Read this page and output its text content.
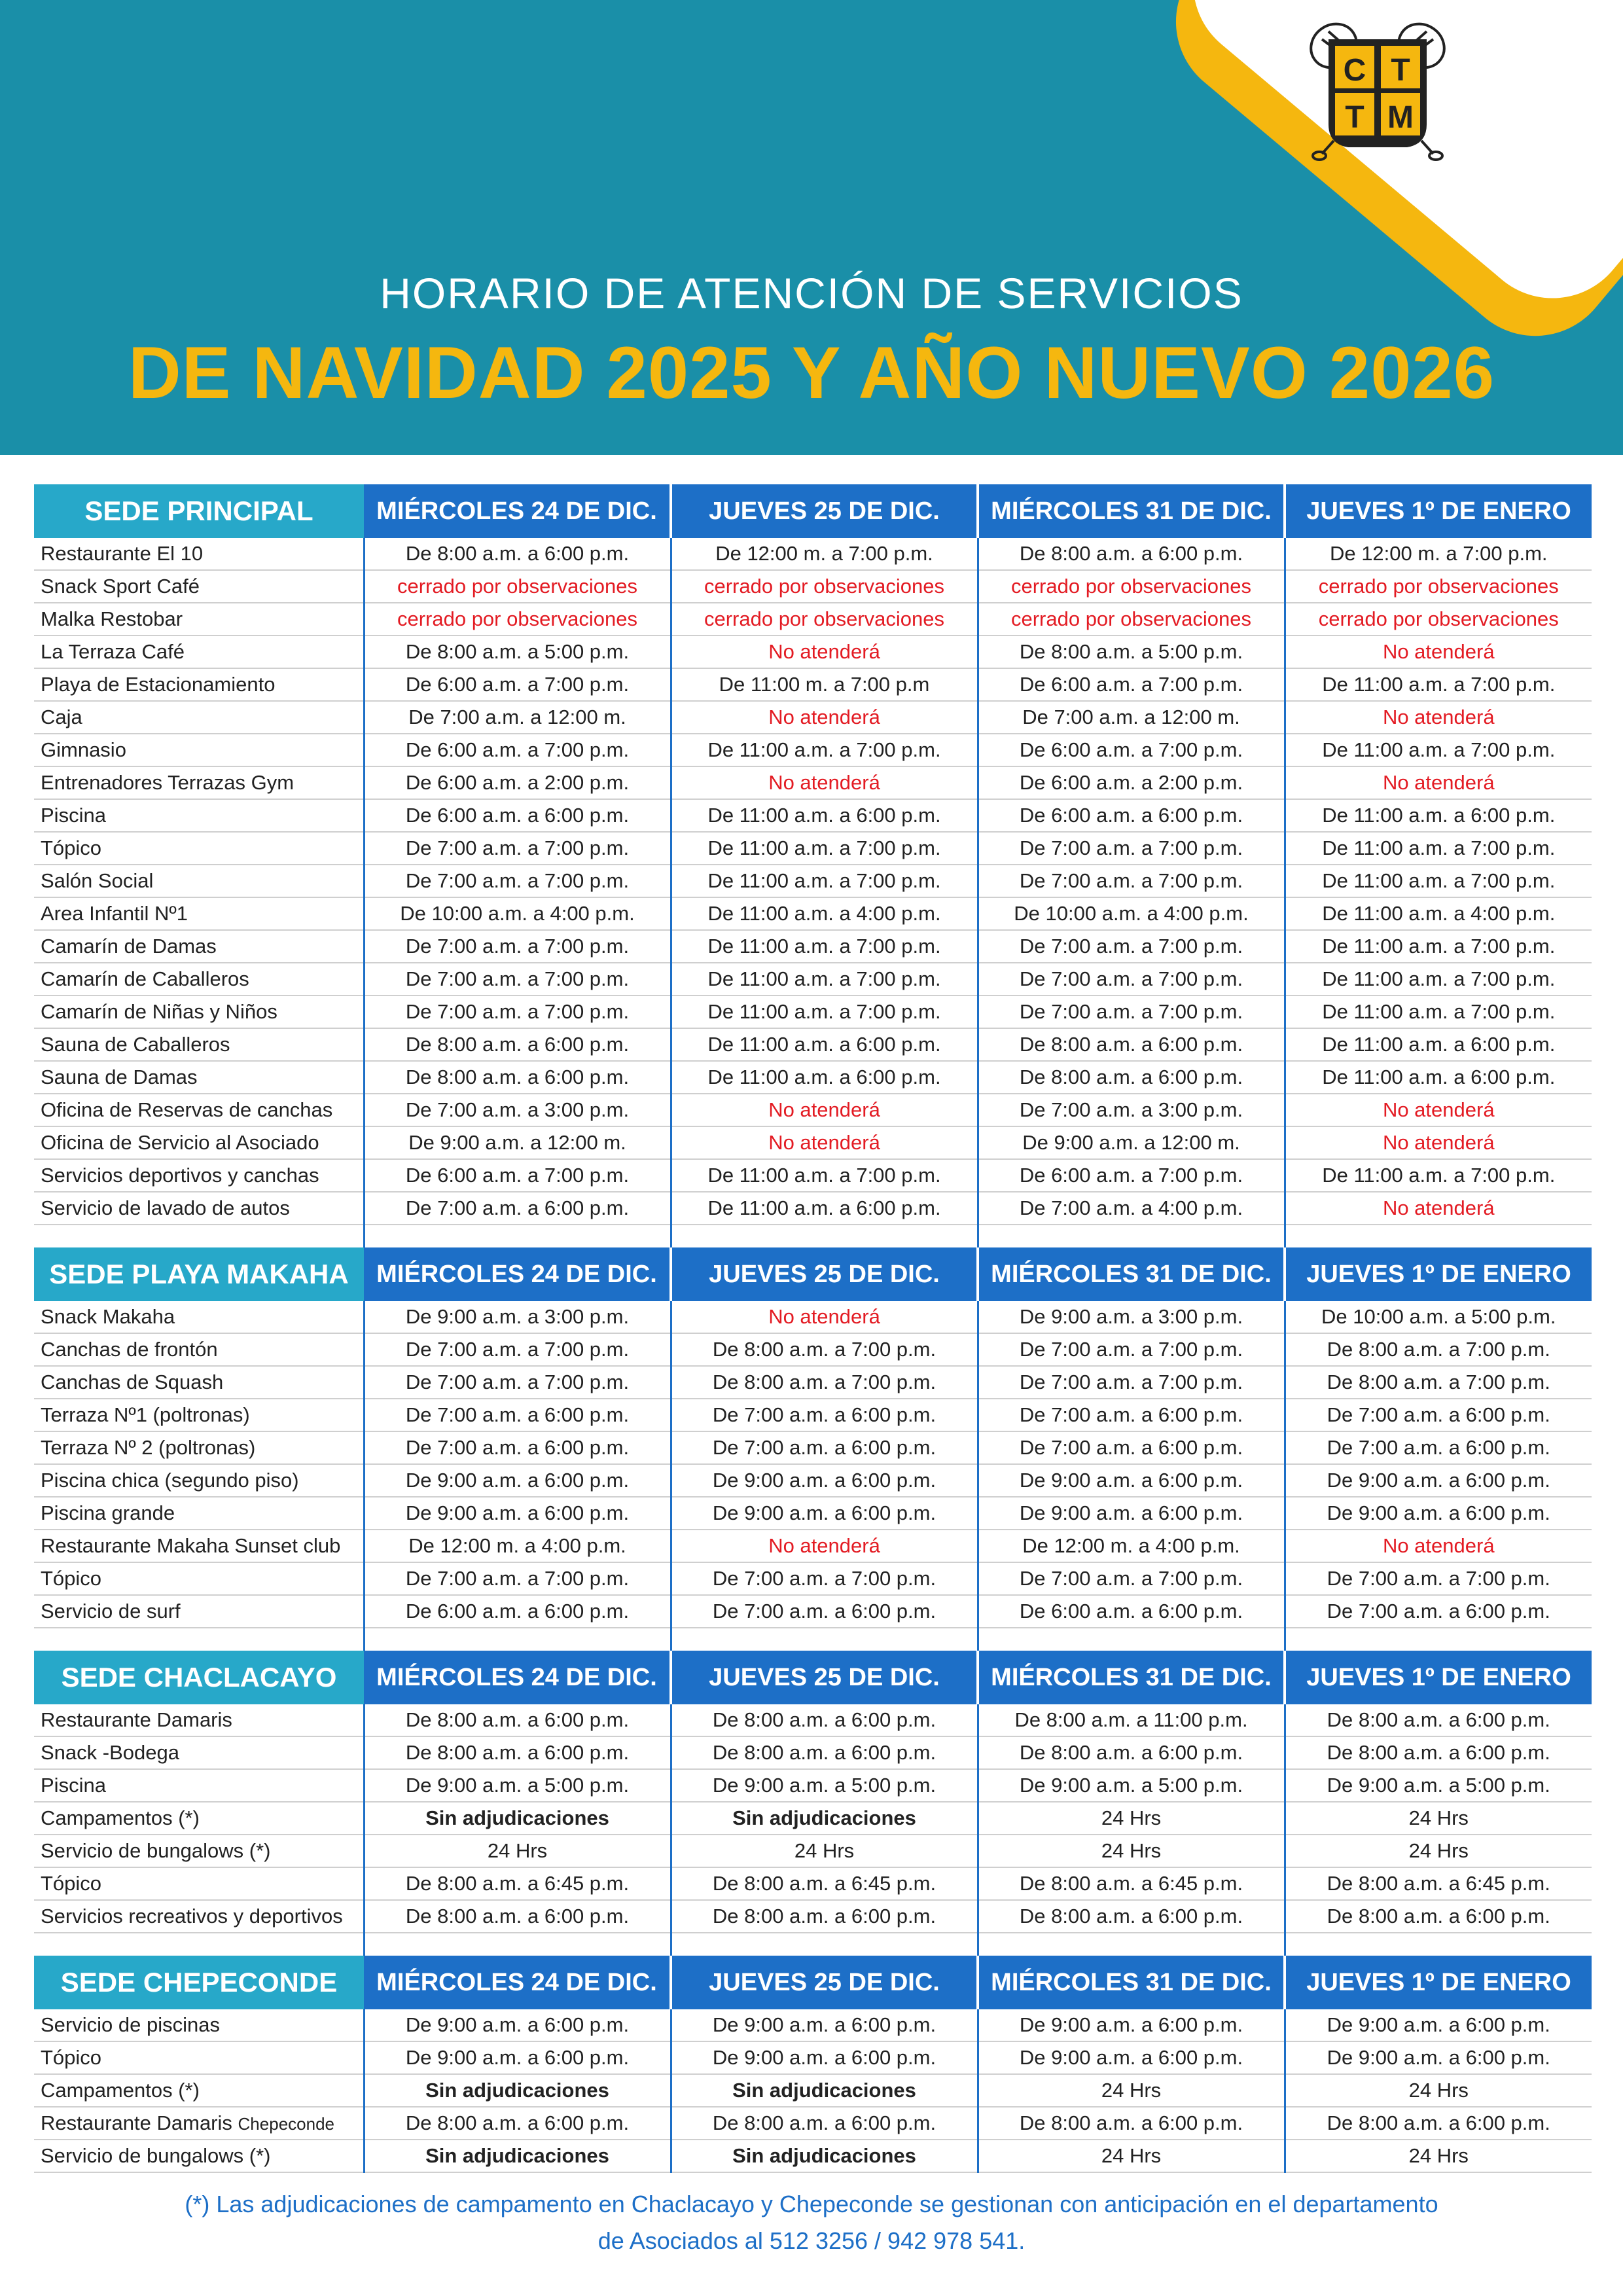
C T
T M
HORARIO DE ATENCIÓN DE SERVICIOS
DE NAVIDAD 2025 Y AÑO NUEVO 2026
SEDE PRINCIPAL	MIÉRCOLES 24 DE DIC.	JUEVES 25 DE DIC.	MIÉRCOLES 31 DE DIC.	JUEVES 1º DE ENERO
Restaurante El 10	De 8:00 a.m. a 6:00 p.m.	De 12:00 m. a 7:00 p.m.	De 8:00 a.m. a 6:00 p.m.	De 12:00 m. a 7:00 p.m.
Snack Sport Café	cerrado por observaciones	cerrado por observaciones	cerrado por observaciones	cerrado por observaciones
Malka Restobar	cerrado por observaciones	cerrado por observaciones	cerrado por observaciones	cerrado por observaciones
La Terraza Café	De 8:00 a.m. a 5:00 p.m.	No atenderá	De 8:00 a.m. a 5:00 p.m.	No atenderá
Playa de Estacionamiento	De 6:00 a.m. a 7:00 p.m.	De 11:00 m. a 7:00 p.m	De 6:00 a.m. a 7:00 p.m.	De 11:00 a.m. a 7:00 p.m.
Caja	De 7:00 a.m. a 12:00 m.	No atenderá	De 7:00 a.m. a 12:00 m.	No atenderá
Gimnasio	De 6:00 a.m. a 7:00 p.m.	De 11:00 a.m. a 7:00 p.m.	De 6:00 a.m. a 7:00 p.m.	De 11:00 a.m. a 7:00 p.m.
Entrenadores Terrazas Gym	De 6:00 a.m. a 2:00 p.m.	No atenderá	De 6:00 a.m. a 2:00 p.m.	No atenderá
Piscina	De 6:00 a.m. a 6:00 p.m.	De 11:00 a.m. a 6:00 p.m.	De 6:00 a.m. a 6:00 p.m.	De 11:00 a.m. a 6:00 p.m.
Tópico	De 7:00 a.m. a 7:00 p.m.	De 11:00 a.m. a 7:00 p.m.	De 7:00 a.m. a 7:00 p.m.	De 11:00 a.m. a 7:00 p.m.
Salón Social	De 7:00 a.m. a 7:00 p.m.	De 11:00 a.m. a 7:00 p.m.	De 7:00 a.m. a 7:00 p.m.	De 11:00 a.m. a 7:00 p.m.
Area Infantil Nº1	De 10:00 a.m. a 4:00 p.m.	De 11:00 a.m. a 4:00 p.m.	De 10:00 a.m. a 4:00 p.m.	De 11:00 a.m. a 4:00 p.m.
Camarín de Damas	De 7:00 a.m. a 7:00 p.m.	De 11:00 a.m. a 7:00 p.m.	De 7:00 a.m. a 7:00 p.m.	De 11:00 a.m. a 7:00 p.m.
Camarín de Caballeros	De 7:00 a.m. a 7:00 p.m.	De 11:00 a.m. a 7:00 p.m.	De 7:00 a.m. a 7:00 p.m.	De 11:00 a.m. a 7:00 p.m.
Camarín de Niñas y Niños	De 7:00 a.m. a 7:00 p.m.	De 11:00 a.m. a 7:00 p.m.	De 7:00 a.m. a 7:00 p.m.	De 11:00 a.m. a 7:00 p.m.
Sauna de Caballeros	De 8:00 a.m. a 6:00 p.m.	De 11:00 a.m. a 6:00 p.m.	De 8:00 a.m. a 6:00 p.m.	De 11:00 a.m. a 6:00 p.m.
Sauna de Damas	De 8:00 a.m. a 6:00 p.m.	De 11:00 a.m. a 6:00 p.m.	De 8:00 a.m. a 6:00 p.m.	De 11:00 a.m. a 6:00 p.m.
Oficina de Reservas de canchas	De 7:00 a.m. a 3:00 p.m.	No atenderá	De 7:00 a.m. a 3:00 p.m.	No atenderá
Oficina de Servicio al Asociado	De 9:00 a.m. a 12:00 m.	No atenderá	De 9:00 a.m. a 12:00 m.	No atenderá
Servicios deportivos y canchas	De 6:00 a.m. a 7:00 p.m.	De 11:00 a.m. a 7:00 p.m.	De 6:00 a.m. a 7:00 p.m.	De 11:00 a.m. a 7:00 p.m.
Servicio de lavado de autos	De 7:00 a.m. a 6:00 p.m.	De 11:00 a.m. a 6:00 p.m.	De 7:00 a.m. a 4:00 p.m.	No atenderá

SEDE PLAYA MAKAHA	MIÉRCOLES 24 DE DIC.	JUEVES 25 DE DIC.	MIÉRCOLES 31 DE DIC.	JUEVES 1º DE ENERO
Snack Makaha	De 9:00 a.m. a 3:00 p.m.	No atenderá	De 9:00 a.m. a 3:00 p.m.	De 10:00 a.m. a 5:00 p.m.
Canchas de frontón	De 7:00 a.m. a 7:00 p.m.	De 8:00 a.m. a 7:00 p.m.	De 7:00 a.m. a 7:00 p.m.	De 8:00 a.m. a 7:00 p.m.
Canchas de Squash	De 7:00 a.m. a 7:00 p.m.	De 8:00 a.m. a 7:00 p.m.	De 7:00 a.m. a 7:00 p.m.	De 8:00 a.m. a 7:00 p.m.
Terraza Nº1 (poltronas)	De 7:00 a.m. a 6:00 p.m.	De 7:00 a.m. a 6:00 p.m.	De 7:00 a.m. a 6:00 p.m.	De 7:00 a.m. a 6:00 p.m.
Terraza Nº 2 (poltronas)	De 7:00 a.m. a 6:00 p.m.	De 7:00 a.m. a 6:00 p.m.	De 7:00 a.m. a 6:00 p.m.	De 7:00 a.m. a 6:00 p.m.
Piscina chica (segundo piso)	De 9:00 a.m. a 6:00 p.m.	De 9:00 a.m. a 6:00 p.m.	De 9:00 a.m. a 6:00 p.m.	De 9:00 a.m. a 6:00 p.m.
Piscina grande	De 9:00 a.m. a 6:00 p.m.	De 9:00 a.m. a 6:00 p.m.	De 9:00 a.m. a 6:00 p.m.	De 9:00 a.m. a 6:00 p.m.
Restaurante Makaha Sunset club	De 12:00 m. a 4:00 p.m.	No atenderá	De 12:00 m. a 4:00 p.m.	No atenderá
Tópico	De 7:00 a.m. a 7:00 p.m.	De 7:00 a.m. a 7:00 p.m.	De 7:00 a.m. a 7:00 p.m.	De 7:00 a.m. a 7:00 p.m.
Servicio de surf	De 6:00 a.m. a 6:00 p.m.	De 7:00 a.m. a 6:00 p.m.	De 6:00 a.m. a 6:00 p.m.	De 7:00 a.m. a 6:00 p.m.

SEDE CHACLACAYO	MIÉRCOLES 24 DE DIC.	JUEVES 25 DE DIC.	MIÉRCOLES 31 DE DIC.	JUEVES 1º DE ENERO
Restaurante Damaris	De 8:00 a.m. a 6:00 p.m.	De 8:00 a.m. a 6:00 p.m.	De 8:00 a.m. a 11:00 p.m.	De 8:00 a.m. a 6:00 p.m.
Snack -Bodega	De 8:00 a.m. a 6:00 p.m.	De 8:00 a.m. a 6:00 p.m.	De 8:00 a.m. a 6:00 p.m.	De 8:00 a.m. a 6:00 p.m.
Piscina	De 9:00 a.m. a 5:00 p.m.	De 9:00 a.m. a 5:00 p.m.	De 9:00 a.m. a 5:00 p.m.	De 9:00 a.m. a 5:00 p.m.
Campamentos (*)	Sin adjudicaciones	Sin adjudicaciones	24 Hrs	24 Hrs
Servicio de bungalows (*)	24 Hrs	24 Hrs	24 Hrs	24 Hrs
Tópico	De 8:00 a.m. a 6:45 p.m.	De 8:00 a.m. a 6:45 p.m.	De 8:00 a.m. a 6:45 p.m.	De 8:00 a.m. a 6:45 p.m.
Servicios recreativos y deportivos	De 8:00 a.m. a 6:00 p.m.	De 8:00 a.m. a 6:00 p.m.	De 8:00 a.m. a 6:00 p.m.	De 8:00 a.m. a 6:00 p.m.

SEDE CHEPECONDE	MIÉRCOLES 24 DE DIC.	JUEVES 25 DE DIC.	MIÉRCOLES 31 DE DIC.	JUEVES 1º DE ENERO
Servicio de piscinas	De 9:00 a.m. a 6:00 p.m.	De 9:00 a.m. a 6:00 p.m.	De 9:00 a.m. a 6:00 p.m.	De 9:00 a.m. a 6:00 p.m.
Tópico	De 9:00 a.m. a 6:00 p.m.	De 9:00 a.m. a 6:00 p.m.	De 9:00 a.m. a 6:00 p.m.	De 9:00 a.m. a 6:00 p.m.
Campamentos (*)	Sin adjudicaciones	Sin adjudicaciones	24 Hrs	24 Hrs
Restaurante Damaris Chepeconde	De 8:00 a.m. a 6:00 p.m.	De 8:00 a.m. a 6:00 p.m.	De 8:00 a.m. a 6:00 p.m.	De 8:00 a.m. a 6:00 p.m.
Servicio de bungalows (*)	Sin adjudicaciones	Sin adjudicaciones	24 Hrs	24 Hrs
(*) Las adjudicaciones de campamento en Chaclacayo y Chepeconde se gestionan con anticipación en el departamento
de Asociados al 512 3256 / 942 978 541.
